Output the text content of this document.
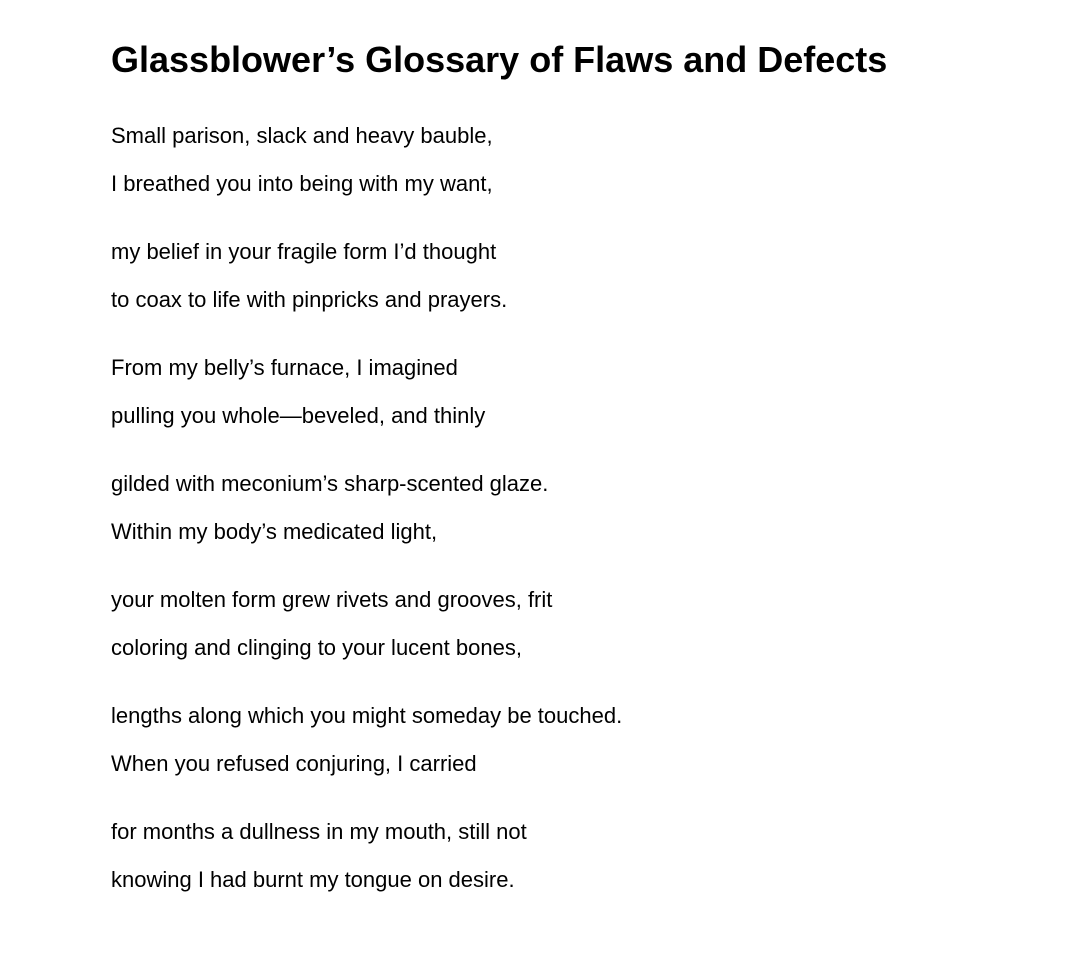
Glassblower’s Glossary of Flaws and Defects
Small parison, slack and heavy bauble,
I breathed you into being with my want,
my belief in your fragile form I’d thought
to coax to life with pinpricks and prayers.
From my belly’s furnace, I imagined
pulling you whole—beveled, and thinly
gilded with meconium’s sharp-scented glaze.
Within my body’s medicated light,
your molten form grew rivets and grooves, frit
coloring and clinging to your lucent bones,
lengths along which you might someday be touched.
When you refused conjuring, I carried
for months a dullness in my mouth, still not
knowing I had burnt my tongue on desire.
